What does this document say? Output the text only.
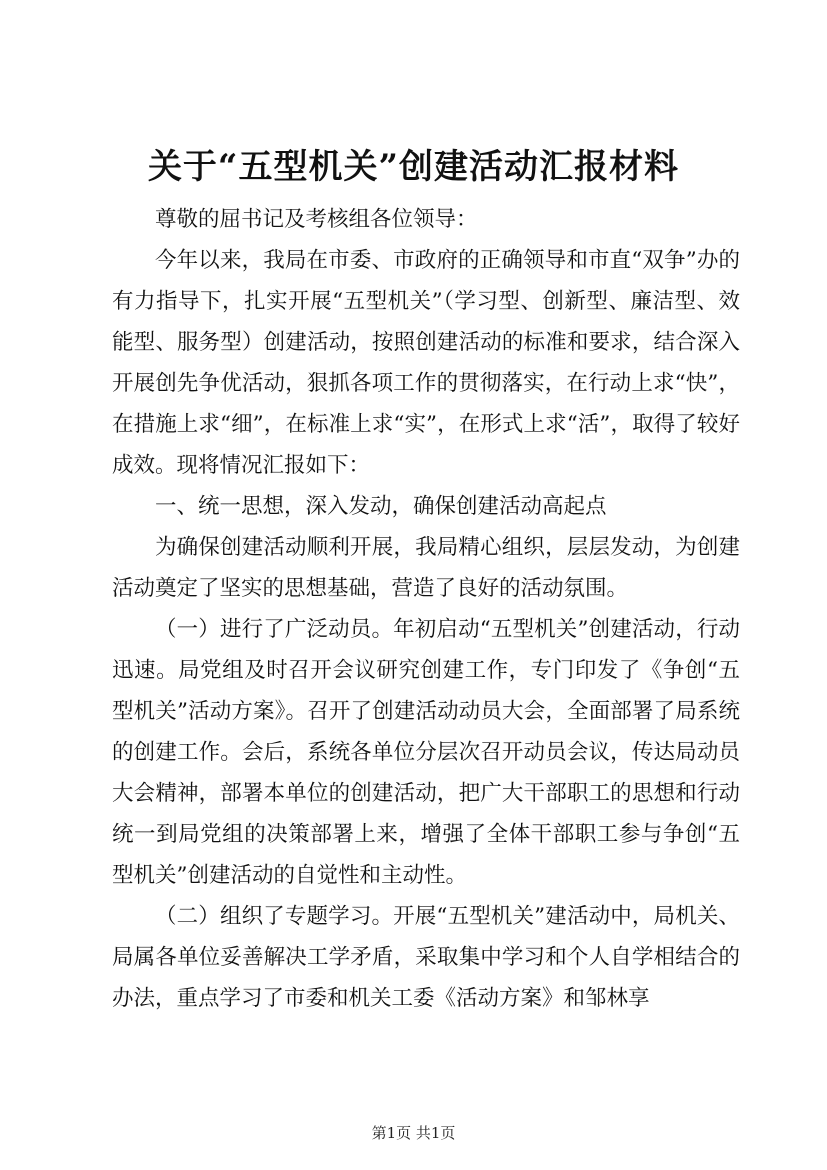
关于“五型机关”创建活动汇报材料

尊敬的屈书记及考核组各位领导：

今年以来，我局在市委、市政府的正确领导和市直“双争”办的有力指导下，扎实开展“五型机关”（学习型、创新型、廉洁型、效能型、服务型）创建活动，按照创建活动的标准和要求，结合深入开展创先争优活动，狠抓各项工作的贯彻落实，在行动上求“快”，在措施上求“细”，在标准上求“实”，在形式上求“活”，取得了较好成效。现将情况汇报如下：

一、统一思想，深入发动，确保创建活动高起点

为确保创建活动顺利开展，我局精心组织，层层发动，为创建活动奠定了坚实的思想基础，营造了良好的活动氛围。

（一）进行了广泛动员。年初启动“五型机关”创建活动，行动迅速。局党组及时召开会议研究创建工作，专门印发了《争创“五型机关”活动方案》。召开了创建活动动员大会，全面部署了局系统的创建工作。会后，系统各单位分层次召开动员会议，传达局动员大会精神，部署本单位的创建活动，把广大干部职工的思想和行动统一到局党组的决策部署上来，增强了全体干部职工参与争创“五型机关”创建活动的自觉性和主动性。

（二）组织了专题学习。开展“五型机关”建活动中，局机关、局属各单位妥善解决工学矛盾，采取集中学习和个人自学相结合的办法，重点学习了市委和机关工委《活动方案》和邹林享

第1页 共1页
